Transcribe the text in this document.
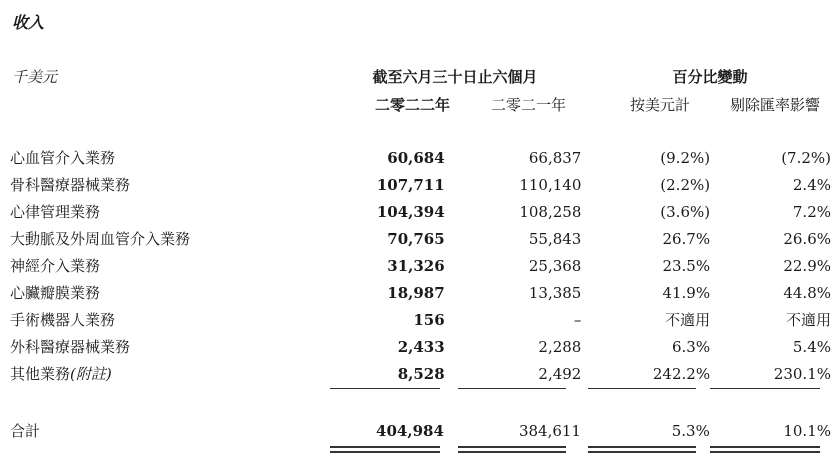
收入
千美元	截至六月三十日止六個月
二零二二年	二零二一年
百分比變動
按美元計	剔除匯率影響
心血管介入業務	60,684	66,837	(9.2%)	(7.2%)
骨科醫療器械業務	107,711	110,140	(2.2%)	2.4%
心律管理業務	104,394	108,258	(3.6%)	7.2%
大動脈及外周血管介入業務	70,765	55,843	26.7%	26.6%
神經介入業務	31,326	25,368	23.5%	22.9%
心臟瓣膜業務	18,987	13,385	41.9%	44.8%
手術機器人業務	156	–	不適用	不適用
外科醫療器械業務	2,433	2,288	6.3%	5.4%
其他業務(附註)	8,528	2,492	242.2%	230.1%
合計	404,984	384,611	5.3%	10.1%
